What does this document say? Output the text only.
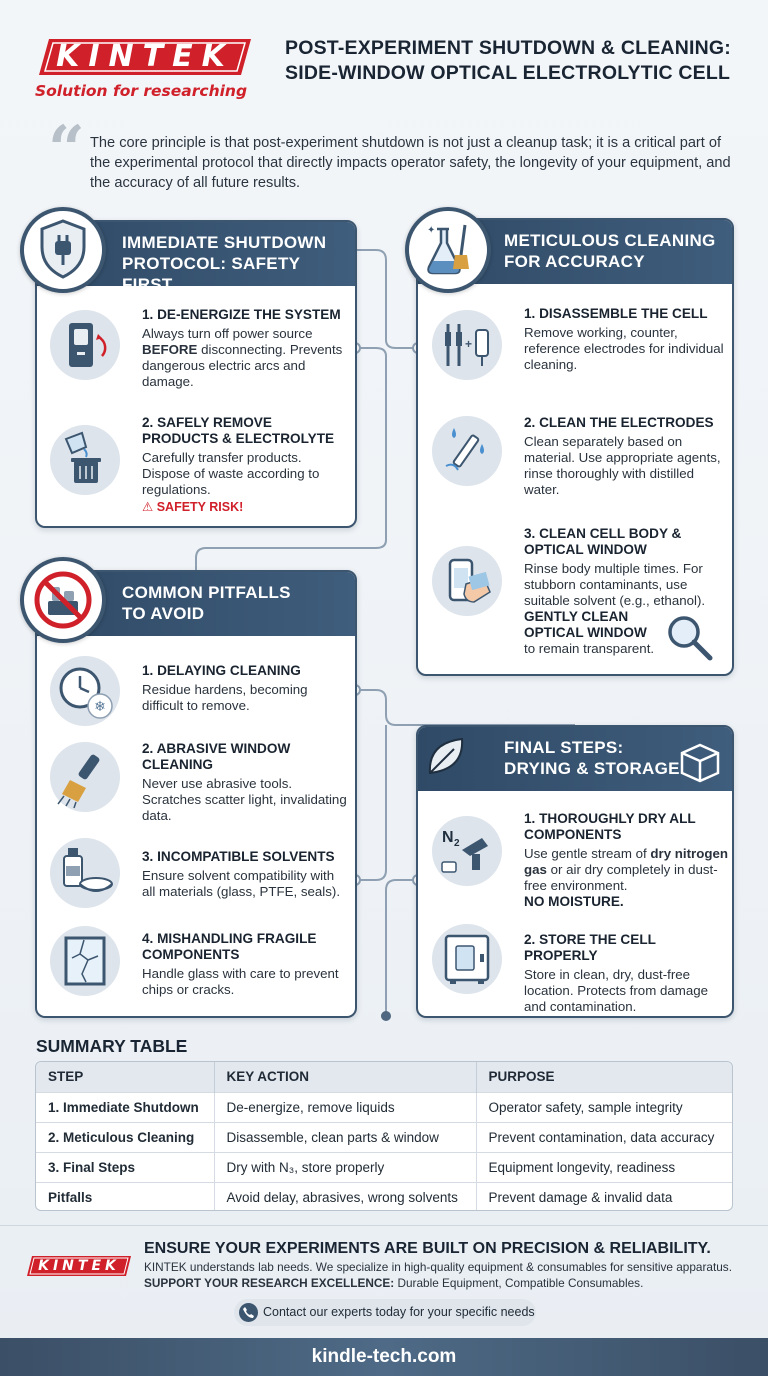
KINTEK
Solution for researching
POST-EXPERIMENT SHUTDOWN & CLEANING:
SIDE-WINDOW OPTICAL ELECTROLYTIC CELL
“ The core principle is that post-experiment shutdown is not just a cleanup task; it is a critical part of the experimental protocol that directly impacts operator safety, the longevity of your equipment, and the accuracy of all future results.
IMMEDIATE SHUTDOWN
PROTOCOL: SAFETY FIRST
1. DE-ENERGIZE THE SYSTEM
Always turn off power source BEFORE disconnecting. Prevents dangerous electric arcs and damage.
2. SAFELY REMOVE PRODUCTS & ELECTROLYTE
Carefully transfer products. Dispose of waste according to regulations.
⚠ SAFETY RISK!
COMMON PITFALLS
TO AVOID
❄
1. DELAYING CLEANING
Residue hardens, becoming difficult to remove.
2. ABRASIVE WINDOW CLEANING
Never use abrasive tools. Scratches scatter light, invalidating data.
3. INCOMPATIBLE SOLVENTS
Ensure solvent compatibility with all materials (glass, PTFE, seals).
4. MISHANDLING FRAGILE COMPONENTS
Handle glass with care to prevent chips or cracks.
METICULOUS CLEANING
FOR ACCURACY
✦
+
1. DISASSEMBLE THE CELL
Remove working, counter, reference electrodes for individual cleaning.
2. CLEAN THE ELECTRODES
Clean separately based on material. Use appropriate agents, rinse thoroughly with distilled water.
3. CLEAN CELL BODY & OPTICAL WINDOW
Rinse body multiple times. For stubborn contaminants, use suitable solvent (e.g., ethanol).
GENTLY CLEAN OPTICAL WINDOW
to remain transparent.
FINAL STEPS:
DRYING & STORAGE
N 2
1. THOROUGHLY DRY ALL COMPONENTS
Use gentle stream of dry nitrogen gas or air dry completely in dust-free environment.
NO MOISTURE.
2. STORE THE CELL PROPERLY
Store in clean, dry, dust-free location. Protects from damage and contamination.
SUMMARY TABLE
STEP	KEY ACTION	PURPOSE
1. Immediate Shutdown	De-energize, remove liquids	Operator safety, sample integrity
2. Meticulous Cleaning	Disassemble, clean parts & window	Prevent contamination, data accuracy
3. Final Steps	Dry with N₃, store properly	Equipment longevity, readiness
Pitfalls	Avoid delay, abrasives, wrong solvents	Prevent damage & invalid data
KINTEK
ENSURE YOUR EXPERIMENTS ARE BUILT ON PRECISION & RELIABILITY.
KINTEK understands lab needs. We specialize in high-quality equipment & consumables for sensitive apparatus.
SUPPORT YOUR RESEARCH EXCELLENCE: Durable Equipment, Compatible Consumables.
Contact our experts today for your specific needs
kindle-tech.com
